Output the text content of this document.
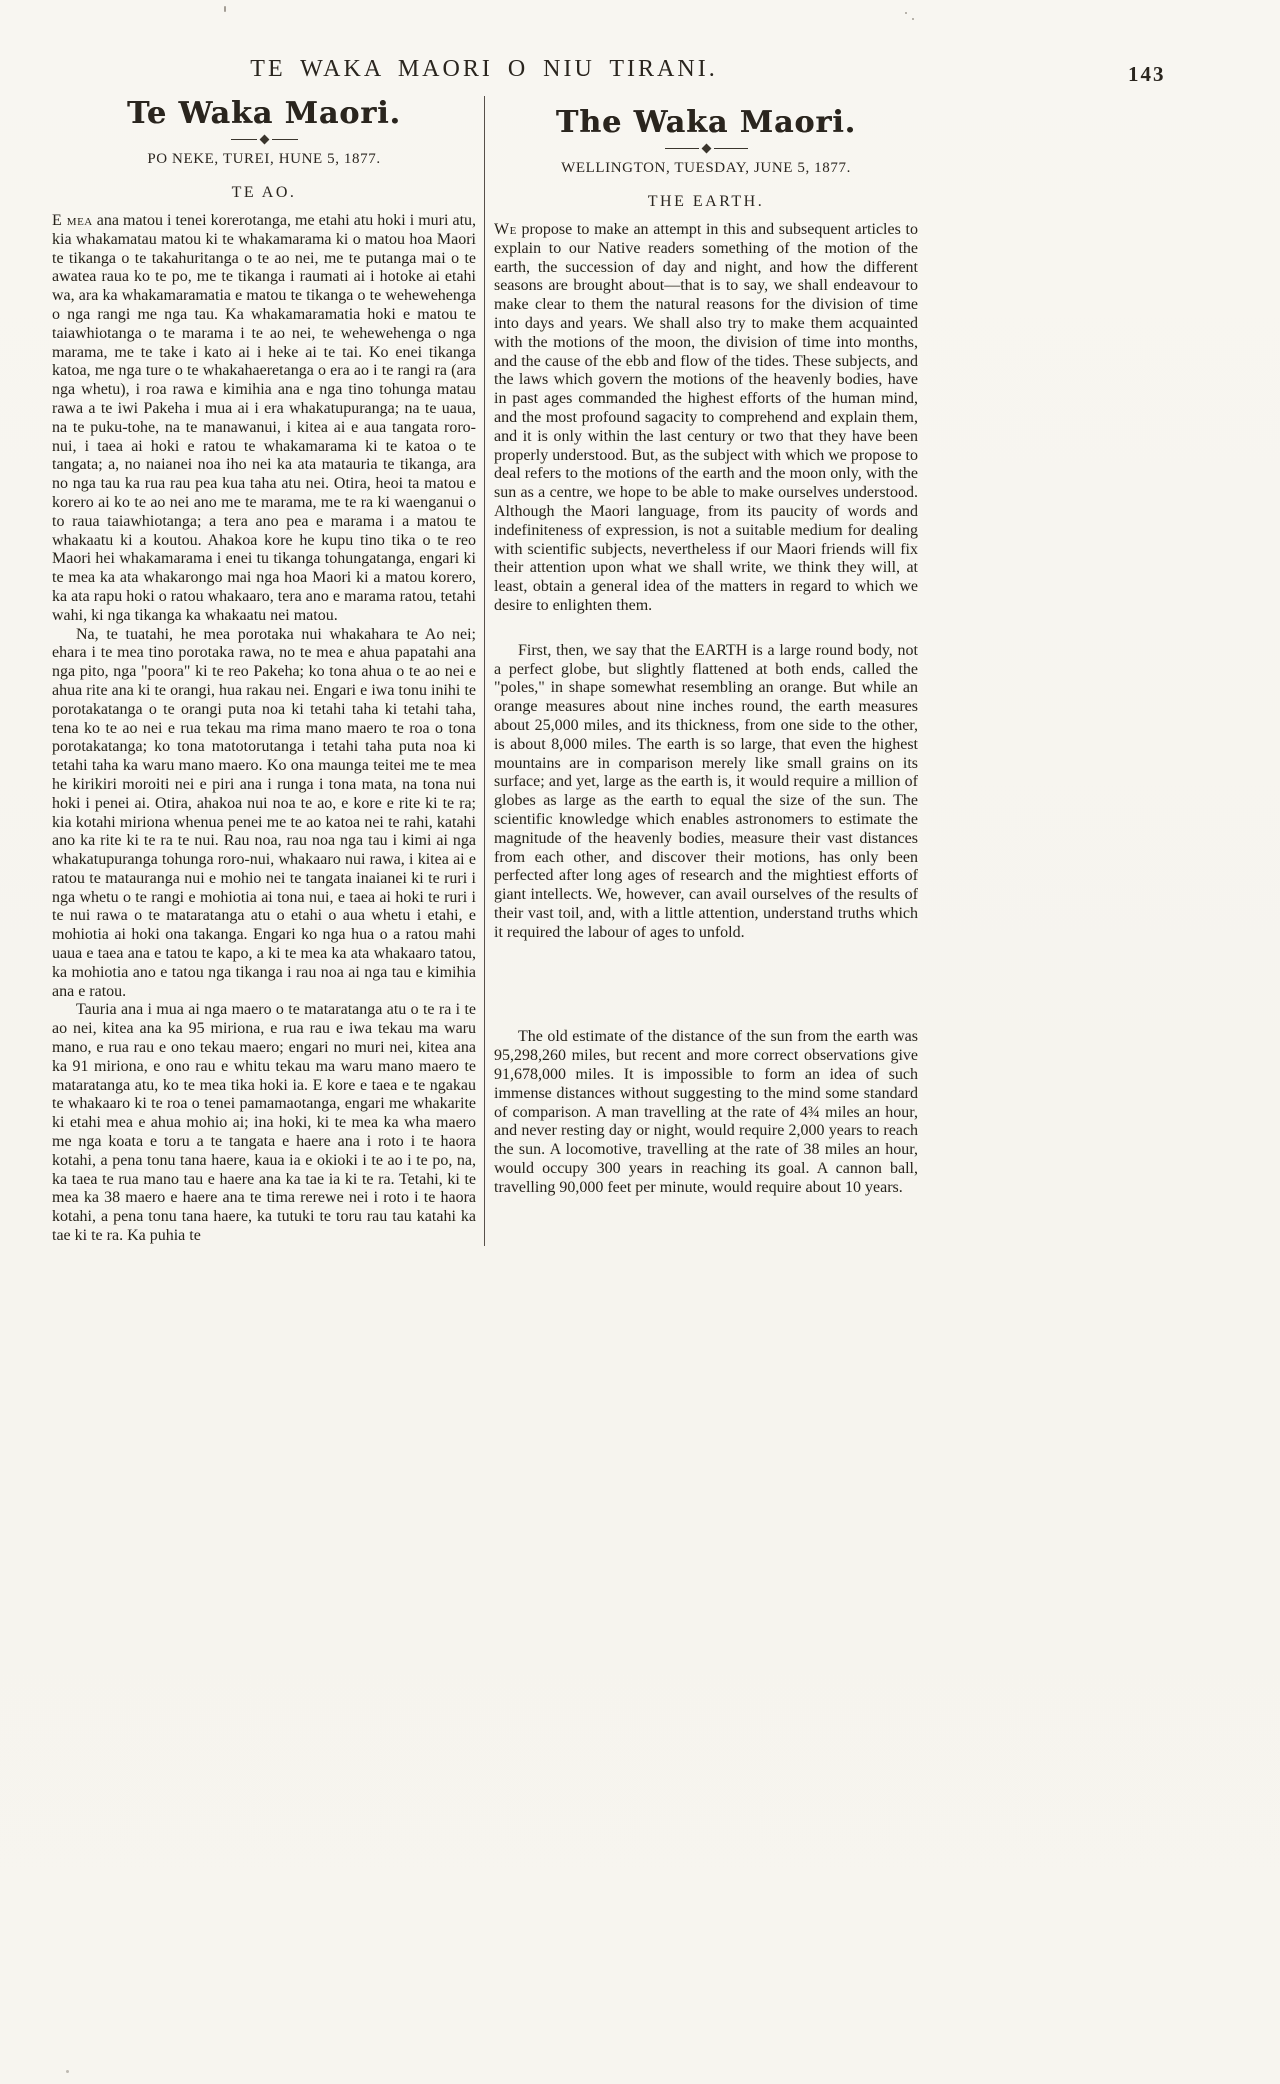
TE WAKA MAORI O NIU TIRANI.	143
Te Waka Maori.
PO NEKE, TUREI, HUNE 5, 1877.
TE AO.

E mea ana matou i tenei korerotanga, me etahi atu hoki i muri atu, kia whakamatau matou ki te whakamarama ki o matou hoa Maori te tikanga o te takahuritanga o te ao nei, me te putanga mai o te awatea raua ko te po, me te tikanga i raumati ai i hotoke ai etahi wa, ara ka whakamaramatia e matou te tikanga o te wehewehenga o nga rangi me nga tau. Ka whakamaramatia hoki e matou te taiawhiotanga o te marama i te ao nei, te wehewehenga o nga marama, me te take i kato ai i heke ai te tai. Ko enei tikanga katoa, me nga ture o te whakahaeretanga o era ao i te rangi ra (ara nga whetu), i roa rawa e kimihia ana e nga tino tohunga matau rawa a te iwi Pakeha i mua ai i era whakatupuranga; na te uaua, na te puku-tohe, na te manawanui, i kitea ai e aua tangata roro-nui, i taea ai hoki e ratou te whakamarama ki te katoa o te tangata; a, no naianei noa iho nei ka ata matauria te tikanga, ara no nga tau ka rua rau pea kua taha atu nei. Otira, heoi ta matou e korero ai ko te ao nei ano me te marama, me te ra ki waenganui o to raua taiawhiotanga; a tera ano pea e marama i a matou te whakaatu ki a koutou. Ahakoa kore he kupu tino tika o te reo Maori hei whakamarama i enei tu tikanga tohungatanga, engari ki te mea ka ata whakarongo mai nga hoa Maori ki a matou korero, ka ata rapu hoki o ratou whakaaro, tera ano e marama ratou, tetahi wahi, ki nga tikanga ka whakaatu nei matou.

Na, te tuatahi, he mea porotaka nui whakahara te Ao nei; ehara i te mea tino porotaka rawa, no te mea e ahua papatahi ana nga pito, nga "poora" ki te reo Pakeha; ko tona ahua o te ao nei e ahua rite ana ki te orangi, hua rakau nei. Engari e iwa tonu inihi te porotakatanga o te orangi puta noa ki tetahi taha ki tetahi taha, tena ko te ao nei e rua tekau ma rima mano maero te roa o tona porotakatanga; ko tona matotorutanga i tetahi taha puta noa ki tetahi taha ka waru mano maero. Ko ona maunga teitei me te mea he kirikiri moroiti nei e piri ana i runga i tona mata, na tona nui hoki i penei ai. Otira, ahakoa nui noa te ao, e kore e rite ki te ra; kia kotahi miriona whenua penei me te ao katoa nei te rahi, katahi ano ka rite ki te ra te nui. Rau noa, rau noa nga tau i kimi ai nga whakatupuranga tohunga roro-nui, whakaaro nui rawa, i kitea ai e ratou te matauranga nui e mohio nei te tangata inaianei ki te ruri i nga whetu o te rangi e mohiotia ai tona nui, e taea ai hoki te ruri i te nui rawa o te mataratanga atu o etahi o aua whetu i etahi, e mohiotia ai hoki ona takanga. Engari ko nga hua o a ratou mahi uaua e taea ana e tatou te kapo, a ki te mea ka ata whakaaro tatou, ka mohiotia ano e tatou nga tikanga i rau noa ai nga tau e kimihia ana e ratou.

Tauria ana i mua ai nga maero o te mataratanga atu o te ra i te ao nei, kitea ana ka 95 miriona, e rua rau e iwa tekau ma waru mano, e rua rau e ono tekau maero; engari no muri nei, kitea ana ka 91 miriona, e ono rau e whitu tekau ma waru mano maero te mataratanga atu, ko te mea tika hoki ia. E kore e taea e te ngakau te whakaaro ki te roa o tenei pamamaotanga, engari me whakarite ki etahi mea e ahua mohio ai; ina hoki, ki te mea ka wha maero me nga koata e toru a te tangata e haere ana i roto i te haora kotahi, a pena tonu tana haere, kaua ia e okioki i te ao i te po, na, ka taea te rua mano tau e haere ana ka tae ia ki te ra. Tetahi, ki te mea ka 38 maero e haere ana te tima rerewe nei i roto i te haora kotahi, a pena tonu tana haere, ka tutuki te toru rau tau katahi ka tae ki te ra. Ka puhia te

The Waka Maori.
WELLINGTON, TUESDAY, JUNE 5, 1877.
THE EARTH.

We propose to make an attempt in this and subsequent articles to explain to our Native readers something of the motion of the earth, the succession of day and night, and how the different seasons are brought about—that is to say, we shall endeavour to make clear to them the natural reasons for the division of time into days and years. We shall also try to make them acquainted with the motions of the moon, the division of time into months, and the cause of the ebb and flow of the tides. These subjects, and the laws which govern the motions of the heavenly bodies, have in past ages commanded the highest efforts of the human mind, and the most profound sagacity to comprehend and explain them, and it is only within the last century or two that they have been properly understood. But, as the subject with which we propose to deal refers to the motions of the earth and the moon only, with the sun as a centre, we hope to be able to make ourselves understood. Although the Maori language, from its paucity of words and indefiniteness of expression, is not a suitable medium for dealing with scientific subjects, nevertheless if our Maori friends will fix their attention upon what we shall write, we think they will, at least, obtain a general idea of the matters in regard to which we desire to enlighten them.

First, then, we say that the EARTH is a large round body, not a perfect globe, but slightly flattened at both ends, called the "poles," in shape somewhat resembling an orange. But while an orange measures about nine inches round, the earth measures about 25,000 miles, and its thickness, from one side to the other, is about 8,000 miles. The earth is so large, that even the highest mountains are in comparison merely like small grains on its surface; and yet, large as the earth is, it would require a million of globes as large as the earth to equal the size of the sun. The scientific knowledge which enables astronomers to estimate the magnitude of the heavenly bodies, measure their vast distances from each other, and discover their motions, has only been perfected after long ages of research and the mightiest efforts of giant intellects. We, however, can avail ourselves of the results of their vast toil, and, with a little attention, understand truths which it required the labour of ages to unfold.

The old estimate of the distance of the sun from the earth was 95,298,260 miles, but recent and more correct observations give 91,678,000 miles. It is impossible to form an idea of such immense distances without suggesting to the mind some standard of comparison. A man travelling at the rate of 4¾ miles an hour, and never resting day or night, would require 2,000 years to reach the sun. A locomotive, travelling at the rate of 38 miles an hour, would occupy 300 years in reaching its goal. A cannon ball, travelling 90,000 feet per minute, would require about 10 years.
